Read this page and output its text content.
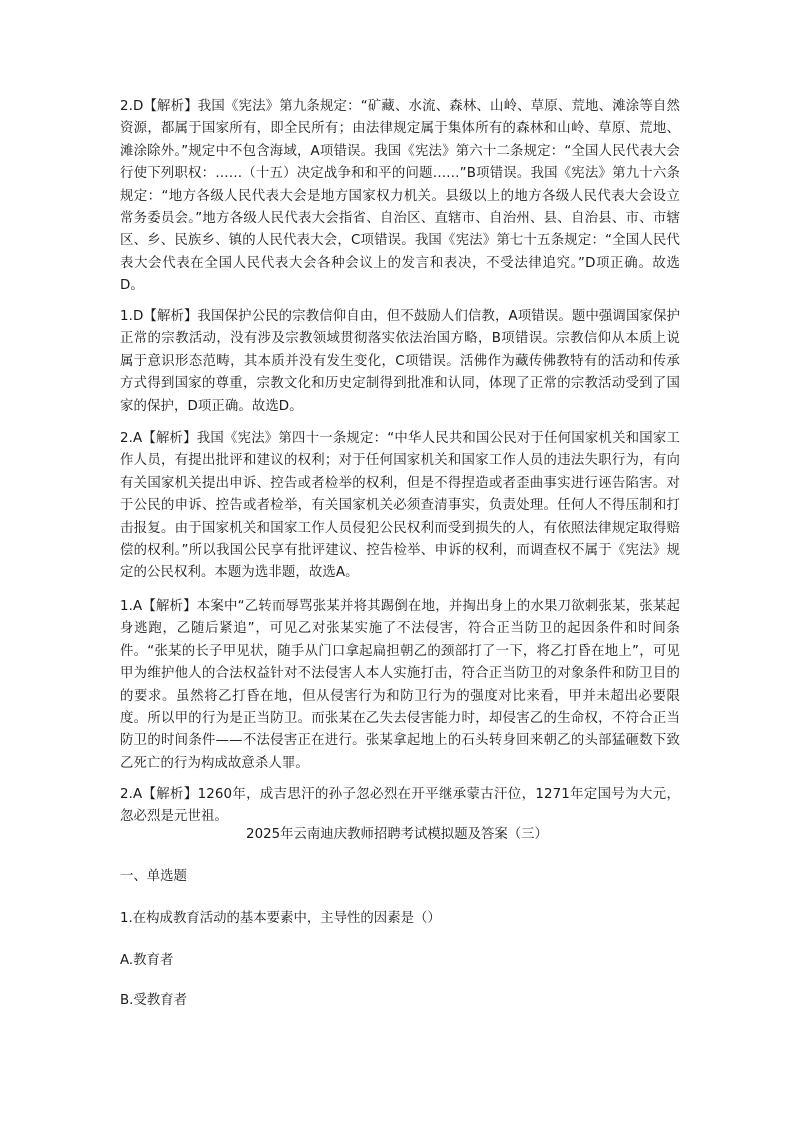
2.D【解析】我国《宪法》第九条规定：“矿藏、水流、森林、山岭、草原、荒地、滩涂等自然资源，都属于国家所有，即全民所有；由法律规定属于集体所有的森林和山岭、草原、荒地、滩涂除外。”规定中不包含海域，A项错误。我国《宪法》第六十二条规定：“全国人民代表大会行使下列职权：……（十五）决定战争和和平的问题……”B项错误。我国《宪法》第九十六条规定：“地方各级人民代表大会是地方国家权力机关。县级以上的地方各级人民代表大会设立常务委员会。”地方各级人民代表大会指省、自治区、直辖市、自治州、县、自治县、市、市辖区、乡、民族乡、镇的人民代表大会，C项错误。我国《宪法》第七十五条规定：“全国人民代表大会代表在全国人民代表大会各种会议上的发言和表决，不受法律追究。”D项正确。故选D。

1.D【解析】我国保护公民的宗教信仰自由，但不鼓励人们信教，A项错误。题中强调国家保护正常的宗教活动，没有涉及宗教领域贯彻落实依法治国方略，B项错误。宗教信仰从本质上说属于意识形态范畴，其本质并没有发生变化，C项错误。活佛作为藏传佛教特有的活动和传承方式得到国家的尊重，宗教文化和历史定制得到批准和认同，体现了正常的宗教活动受到了国家的保护，D项正确。故选D。

2.A【解析】我国《宪法》第四十一条规定：“中华人民共和国公民对于任何国家机关和国家工作人员，有提出批评和建议的权利；对于任何国家机关和国家工作人员的违法失职行为，有向有关国家机关提出申诉、控告或者检举的权利，但是不得捏造或者歪曲事实进行诬告陷害。对于公民的申诉、控告或者检举，有关国家机关必须查清事实，负责处理。任何人不得压制和打击报复。由于国家机关和国家工作人员侵犯公民权利而受到损失的人，有依照法律规定取得赔偿的权利。”所以我国公民享有批评建议、控告检举、申诉的权利，而调查权不属于《宪法》规定的公民权利。本题为选非题，故选A。

1.A【解析】本案中“乙转而辱骂张某并将其踢倒在地，并掏出身上的水果刀欲刺张某，张某起身逃跑，乙随后紧追”，可见乙对张某实施了不法侵害，符合正当防卫的起因条件和时间条件。“张某的长子甲见状，随手从门口拿起扁担朝乙的颈部打了一下，将乙打昏在地上”，可见甲为维护他人的合法权益针对不法侵害人本人实施打击，符合正当防卫的对象条件和防卫目的的要求。虽然将乙打昏在地，但从侵害行为和防卫行为的强度对比来看，甲并未超出必要限度。所以甲的行为是正当防卫。而张某在乙失去侵害能力时，却侵害乙的生命权，不符合正当防卫的时间条件——不法侵害正在进行。张某拿起地上的石头转身回来朝乙的头部猛砸数下致乙死亡的行为构成故意杀人罪。

2.A【解析】1260年，成吉思汗的孙子忽必烈在开平继承蒙古汗位，1271年定国号为大元，忽必烈是元世祖。

2025年云南迪庆教师招聘考试模拟题及答案（三）

一、单选题

1.在构成教育活动的基本要素中，主导性的因素是（）

A.教育者

B.受教育者
